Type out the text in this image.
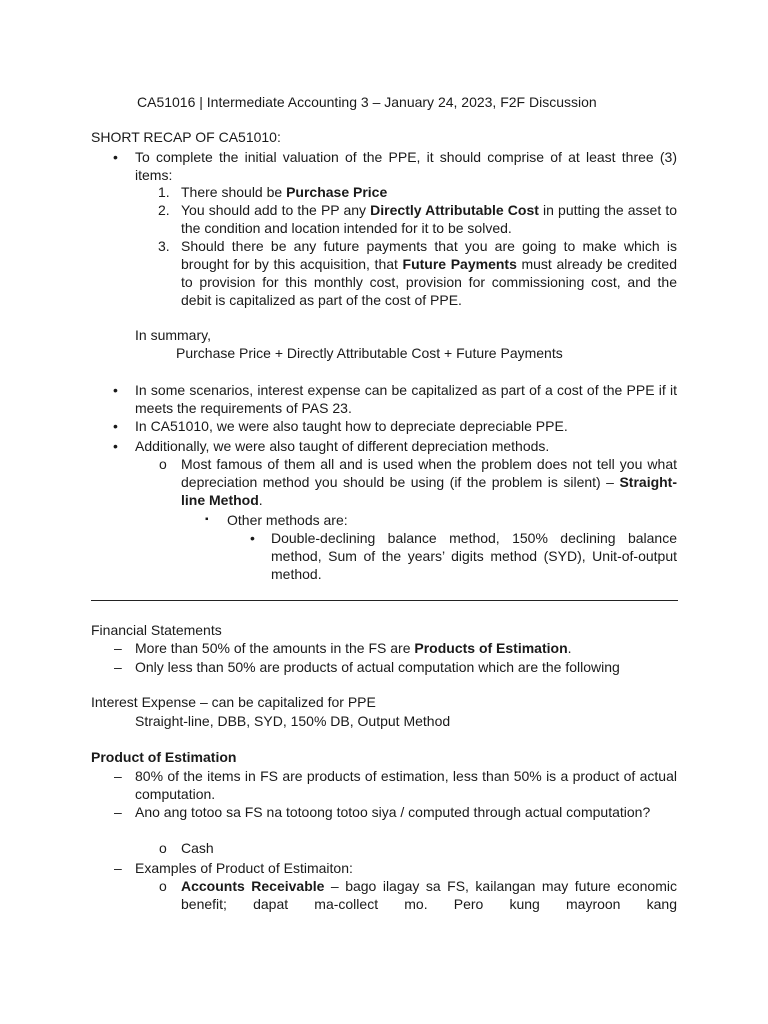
CA51016 | Intermediate Accounting 3 – January 24, 2023, F2F Discussion
SHORT RECAP OF CA51010:
• To complete the initial valuation of the PPE, it should comprise of at least three (3) items:
1. There should be Purchase Price
2. You should add to the PP any Directly Attributable Cost in putting the asset to the condition and location intended for it to be solved.
3. Should there be any future payments that you are going to make which is brought for by this acquisition, that Future Payments must already be credited to provision for this monthly cost, provision for commissioning cost, and the debit is capitalized as part of the cost of PPE.
In summary,
Purchase Price + Directly Attributable Cost + Future Payments
• In some scenarios, interest expense can be capitalized as part of a cost of the PPE if it meets the requirements of PAS 23.
• In CA51010, we were also taught how to depreciate depreciable PPE.
• Additionally, we were also taught of different depreciation methods.
o Most famous of them all and is used when the problem does not tell you what depreciation method you should be using (if the problem is silent) – Straight-line Method.
▪ Other methods are:
• Double-declining balance method, 150% declining balance method, Sum of the years’ digits method (SYD), Unit-of-output method.
Financial Statements
– More than 50% of the amounts in the FS are Products of Estimation.
– Only less than 50% are products of actual computation which are the following
Interest Expense – can be capitalized for PPE
Straight-line, DBB, SYD, 150% DB, Output Method
Product of Estimation
– 80% of the items in FS are products of estimation, less than 50% is a product of actual computation.
– Ano ang totoo sa FS na totoong totoo siya / computed through actual computation?
o Cash
– Examples of Product of Estimaiton:
o Accounts Receivable – bago ilagay sa FS, kailangan may future economic benefit; dapat ma-collect mo. Pero kung mayroon kang
